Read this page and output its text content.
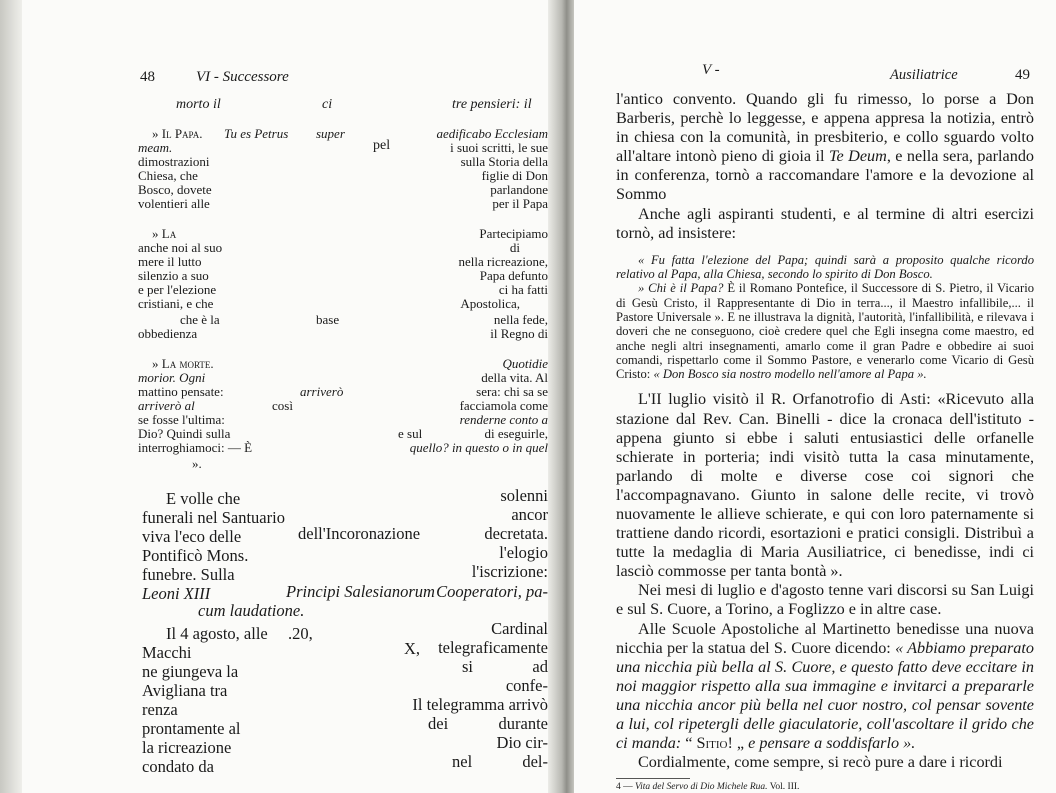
48	VI - Successore
morto il	ci	tre pensieri: il
» Il Papa. Tu es Petrus super	aedificabo Ecclesiam
meam.	pel	i suoi scritti, le sue
dimostrazioni	sulla Storia della
Chiesa, che	figlie di Don
Bosco, dovete	parlandone
volentieri alle	per il Papa
» La	Partecipiamo
anche noi al suo	di
mere il lutto	nella ricreazione,
silenzio a suo	Papa defunto
e per l'elezione	ci ha fatti
cristiani, e che	Apostolica,
che è la	base	nella fede,
obbedienza	il Regno di
» La morte.	Quotidie
morior. Ogni	della vita. Al
mattino pensate:	arriverò	sera: chi sa se
arriverò al	così	facciamola come
se fosse l'ultima:	renderne conto a
Dio? Quindi sulla	e sul	di eseguirle,
interroghiamoci: — È	quello? in questo o in quel
».
E volle che	solenni
funerali nel Santuario	ancor
viva l'eco delle	dell'Incoronazione	decretata.
Pontificò Mons.	l'elogio
funebre. Sulla	l'iscrizione:
Leoni XIII	Principi Salesianorum Cooperatori, pa-
cum laudatione.
Il 4 agosto, alle .20,	Cardinal
Macchi	X, telegraficamente
ne giungeva la	si	ad
Avigliana tra	confe-
renza	Il telegramma arrivò
prontamente al	dei	durante
la ricreazione	Dio cir-
condato da	nel	del-
V -	Ausiliatrice	49

l'antico convento. Quando gli fu rimesso, lo porse a Don Barberis, perchè lo leggesse, e appena appresa la notizia, entrò in chiesa con la comunità, in presbiterio, e collo sguardo volto all'altare intonò pieno di gioia il Te Deum, e nella sera, parlando in conferenza, tornò a raccomandare l'amore e la devozione al Sommo

Anche agli aspiranti studenti, e al termine di altri esercizi tornò, ad insistere:

« Fu fatta l'elezione del Papa; quindi sarà a proposito qualche ricordo relativo al Papa, alla Chiesa, secondo lo spirito di Don Bosco.

» Chi è il Papa? È il Romano Pontefice, il Successore di S. Pietro, il Vicario di Gesù Cristo, il Rappresentante di Dio in terra..., il Maestro infallibile,... il Pastore Universale ». E ne illustrava la dignità, l'autorità, l'infallibilità, e rilevava i doveri che ne conseguono, cioè credere quel che Egli insegna come maestro, ed anche negli altri insegnamenti, amarlo come il gran Padre e obbedire ai suoi comandi, rispettarlo come il Sommo Pastore, e venerarlo come Vicario di Gesù Cristo: « Don Bosco sia nostro modello nell'amore al Papa ».

L'II luglio visitò il R. Orfanotrofio di Asti: «Ricevuto alla stazione dal Rev. Can. Binelli - dice la cronaca dell'istituto - appena giunto si ebbe i saluti entusiastici delle orfanelle schierate in porteria; indi visitò tutta la casa minutamente, parlando di molte e diverse cose coi signori che l'accompagnavano. Giunto in salone delle recite, vi trovò nuovamente le allieve schierate, e qui con loro paternamente si trattiene dando ricordi, esortazioni e pratici consigli. Distribuì a tutte la medaglia di Maria Ausiliatrice, ci benedisse, indi ci lasciò commosse per tanta bontà ».

Nei mesi di luglio e d'agosto tenne vari discorsi su San Luigi e sul S. Cuore, a Torino, a Foglizzo e in altre case.

Alle Scuole Apostoliche al Martinetto benedisse una nuova nicchia per la statua del S. Cuore dicendo: « Abbiamo preparato una nicchia più bella al S. Cuore, e questo fatto deve eccitare in noi maggior rispetto alla sua immagine e invitarci a prepararle una nicchia ancor più bella nel cuor nostro, col pensar sovente a lui, col ripetergli delle giaculatorie, coll'ascoltare il grido che ci manda: “ Sitio! „ e pensare a soddisfarlo ».

Cordialmente, come sempre, si recò pure a dare i ricordi

4 — Vita del Servo di Dio Michele Rua. Vol. III.
